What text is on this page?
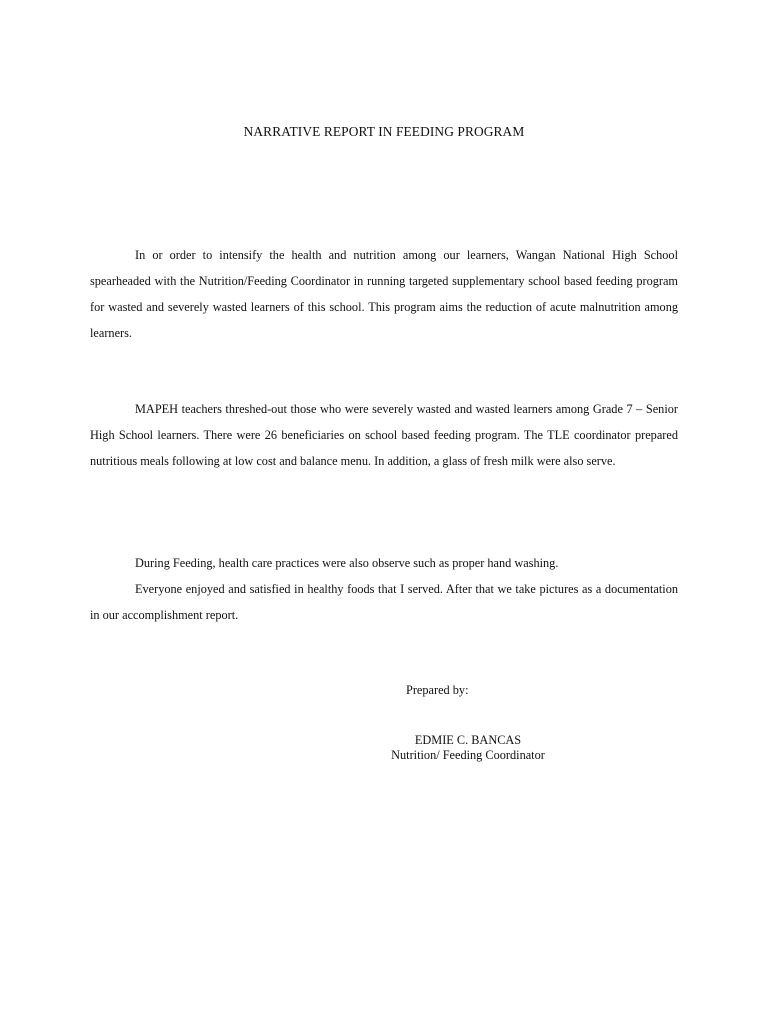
NARRATIVE REPORT IN FEEDING PROGRAM

In or order to intensify the health and nutrition among our learners, Wangan National High School spearheaded with the Nutrition/Feeding Coordinator in running targeted supplementary school based feeding program for wasted and severely wasted learners of this school. This program aims the reduction of acute malnutrition among learners.

MAPEH teachers threshed-out those who were severely wasted and wasted learners among Grade 7 – Senior High School learners. There were 26 beneficiaries on school based feeding program. The TLE coordinator prepared nutritious meals following at low cost and balance menu. In addition, a glass of fresh milk were also serve.

During Feeding, health care practices were also observe such as proper hand washing.

Everyone enjoyed and satisfied in healthy foods that I served. After that we take pictures as a documentation in our accomplishment report.

Prepared by:
EDMIE C. BANCAS
Nutrition/ Feeding Coordinator
